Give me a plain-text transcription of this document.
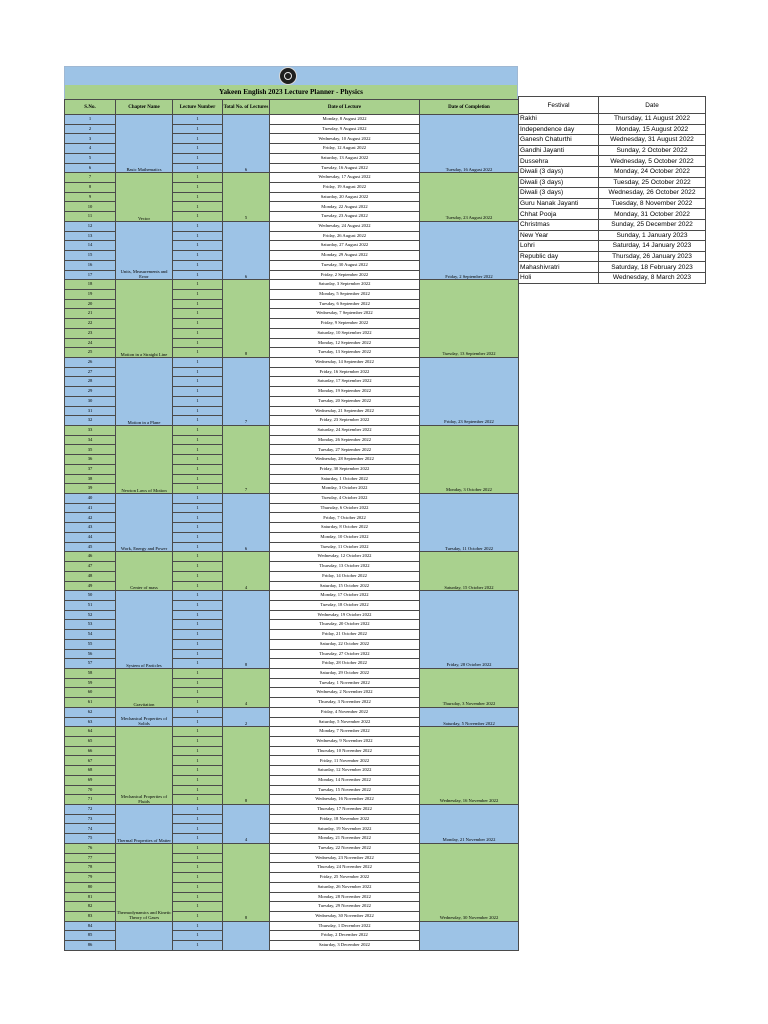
Yakeen English 2023 Lecture Planner - Physics
S.No.	Chapter Name	Lecture Number	Total No. of Lectures	Date of Lecture	Date of Completion
1	Basic Mathematics	1	6	Monday, 8 August 2022	Tuesday, 16 August 2022
2		1		Tuesday, 9 August 2022	
3		1		Wednesday, 10 August 2022	
4		1		Friday, 12 August 2022	
5		1		Saturday, 13 August 2022	
6		1		Tuesday, 16 August 2022	
7	Vector	1	5	Wednesday, 17 August 2022	Tuesday, 23 August 2022
8		1		Friday, 19 August 2022	
9		1		Saturday, 20 August 2022	
10		1		Monday, 22 August 2022	
11		1		Tuesday, 23 August 2022	
12	Units, Measurements and Error	1	6	Wednesday, 24 August 2022	Friday, 2 September 2022
13		1		Friday, 26 August 2022	
14		1		Saturday, 27 August 2022	
15		1		Monday, 29 August 2022	
16		1		Tuesday, 30 August 2022	
17		1		Friday, 2 September 2022	
18	Motion in a Straight Line	1	8	Saturday, 3 September 2022	Tuesday, 13 September 2022
19		1		Monday, 5 September 2022	
20		1		Tuesday, 6 September 2022	
21		1		Wednesday, 7 September 2022	
22		1		Friday, 9 September 2022	
23		1		Saturday, 10 September 2022	
24		1		Monday, 12 September 2022	
25		1		Tuesday, 13 September 2022	
26	Motion in a Plane	1	7	Wednesday, 14 September 2022	Friday, 23 September 2022
27		1		Friday, 16 September 2022	
28		1		Saturday, 17 September 2022	
29		1		Monday, 19 September 2022	
30		1		Tuesday, 20 September 2022	
31		1		Wednesday, 21 September 2022	
32		1		Friday, 23 September 2022	
33	Newton Laws of Motion	1	7	Saturday, 24 September 2022	Monday, 3 October 2022
34		1		Monday, 26 September 2022	
35		1		Tuesday, 27 September 2022	
36		1		Wednesday, 28 September 2022	
37		1		Friday, 30 September 2022	
38		1		Saturday, 1 October 2022	
39		1		Monday, 3 October 2022	
40	Work, Energy and Power	1	6	Tuesday, 4 October 2022	Tuesday, 11 October 2022
41		1		Thursday, 6 October 2022	
42		1		Friday, 7 October 2022	
43		1		Saturday, 8 October 2022	
44		1		Monday, 10 October 2022	
45		1		Tuesday, 11 October 2022	
46	Center of mass	1	4	Wednesday, 12 October 2022	Saturday, 15 October 2022
47		1		Thursday, 13 October 2022	
48		1		Friday, 14 October 2022	
49		1		Saturday, 15 October 2022	
50	System of Particles	1	8	Monday, 17 October 2022	Friday, 28 October 2022
51		1		Tuesday, 18 October 2022	
52		1		Wednesday, 19 October 2022	
53		1		Thursday, 20 October 2022	
54		1		Friday, 21 October 2022	
55		1		Saturday, 22 October 2022	
56		1		Thursday, 27 October 2022	
57		1		Friday, 28 October 2022	
58	Gravitation	1	4	Saturday, 29 October 2022	Thursday, 3 November 2022
59		1		Tuesday, 1 November 2022	
60		1		Wednesday, 2 November 2022	
61		1		Thursday, 3 November 2022	
62	Mechanical Properties of Solids	1	2	Friday, 4 November 2022	Saturday, 5 November 2022
63		1		Saturday, 5 November 2022	
64	Mechanical Properties of Fluids	1	8	Monday, 7 November 2022	Wednesday, 16 November 2022
65		1		Wednesday, 9 November 2022	
66		1		Thursday, 10 November 2022	
67		1		Friday, 11 November 2022	
68		1		Saturday, 12 November 2022	
69		1		Monday, 14 November 2022	
70		1		Tuesday, 15 November 2022	
71		1		Wednesday, 16 November 2022	
72	Thermal Properties of Matter	1	4	Thursday, 17 November 2022	Monday, 21 November 2022
73		1		Friday, 18 November 2022	
74		1		Saturday, 19 November 2022	
75		1		Monday, 21 November 2022	
76	Thermodynamics and Kinetic Theory of Gases	1	8	Tuesday, 22 November 2022	Wednesday, 30 November 2022
77		1		Wednesday, 23 November 2022	
78		1		Thursday, 24 November 2022	
79		1		Friday, 25 November 2022	
80		1		Saturday, 26 November 2022	
81		1		Monday, 28 November 2022	
82		1		Tuesday, 29 November 2022	
83		1		Wednesday, 30 November 2022	
84		1		Thursday, 1 December 2022	
85		1		Friday, 2 December 2022	
86		1		Saturday, 3 December 2022	
Festival	Date
Rakhi	Thursday, 11 August 2022
Independence day	Monday, 15 August 2022
Ganesh Chaturthi	Wednesday, 31 August 2022
Gandhi Jayanti	Sunday, 2 October 2022
Dussehra	Wednesday, 5 October 2022
Diwali (3 days)	Monday, 24 October 2022
Diwali (3 days)	Tuesday, 25 October 2022
Diwali (3 days)	Wednesday, 26 October 2022
Guru Nanak Jayanti	Tuesday, 8 November 2022
Chhat Pooja	Monday, 31 October 2022
Christmas	Sunday, 25 December 2022
New Year	Sunday, 1 January 2023
Lohri	Saturday, 14 January 2023
Republic day	Thursday, 26 January 2023
Mahashivratri	Saturday, 18 February 2023
Holi	Wednesday, 8 March 2023
